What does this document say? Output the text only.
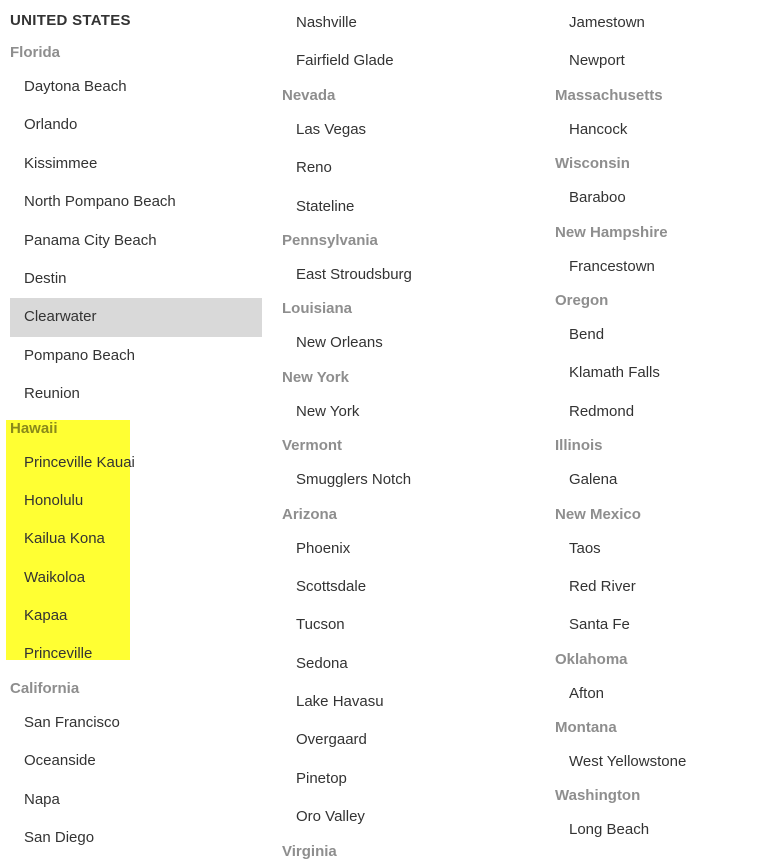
UNITED STATES
Florida
Daytona Beach
Orlando
Kissimmee
North Pompano Beach
Panama City Beach
Destin
Clearwater
Pompano Beach
Reunion
Hawaii
Princeville Kauai
Honolulu
Kailua Kona
Waikoloa
Kapaa
Princeville
California
San Francisco
Oceanside
Napa
San Diego
Nashville
Fairfield Glade
Nevada
Las Vegas
Reno
Stateline
Pennsylvania
East Stroudsburg
Louisiana
New Orleans
New York
New York
Vermont
Smugglers Notch
Arizona
Phoenix
Scottsdale
Tucson
Sedona
Lake Havasu
Overgaard
Pinetop
Oro Valley
Virginia
Jamestown
Newport
Massachusetts
Hancock
Wisconsin
Baraboo
New Hampshire
Francestown
Oregon
Bend
Klamath Falls
Redmond
Illinois
Galena
New Mexico
Taos
Red River
Santa Fe
Oklahoma
Afton
Montana
West Yellowstone
Washington
Long Beach
